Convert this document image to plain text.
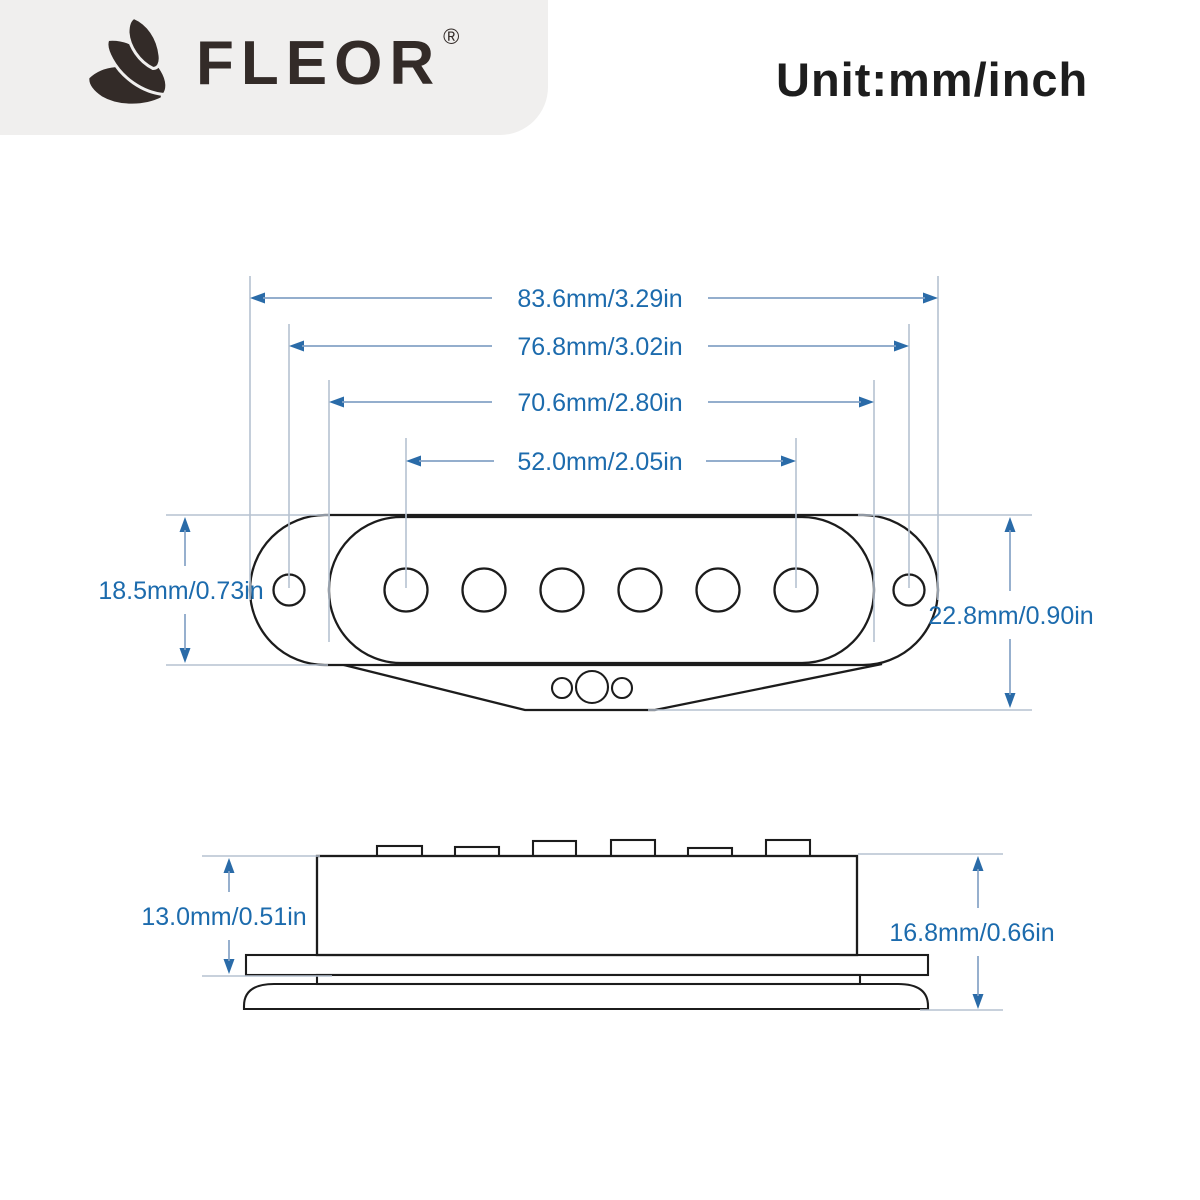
FLEOR ®
Unit:mm/inch
83.6mm/3.29in
76.8mm/3.02in
70.6mm/2.80in
52.0mm/2.05in
18.5mm/0.73in
22.8mm/0.90in
13.0mm/0.51in
16.8mm/0.66in
